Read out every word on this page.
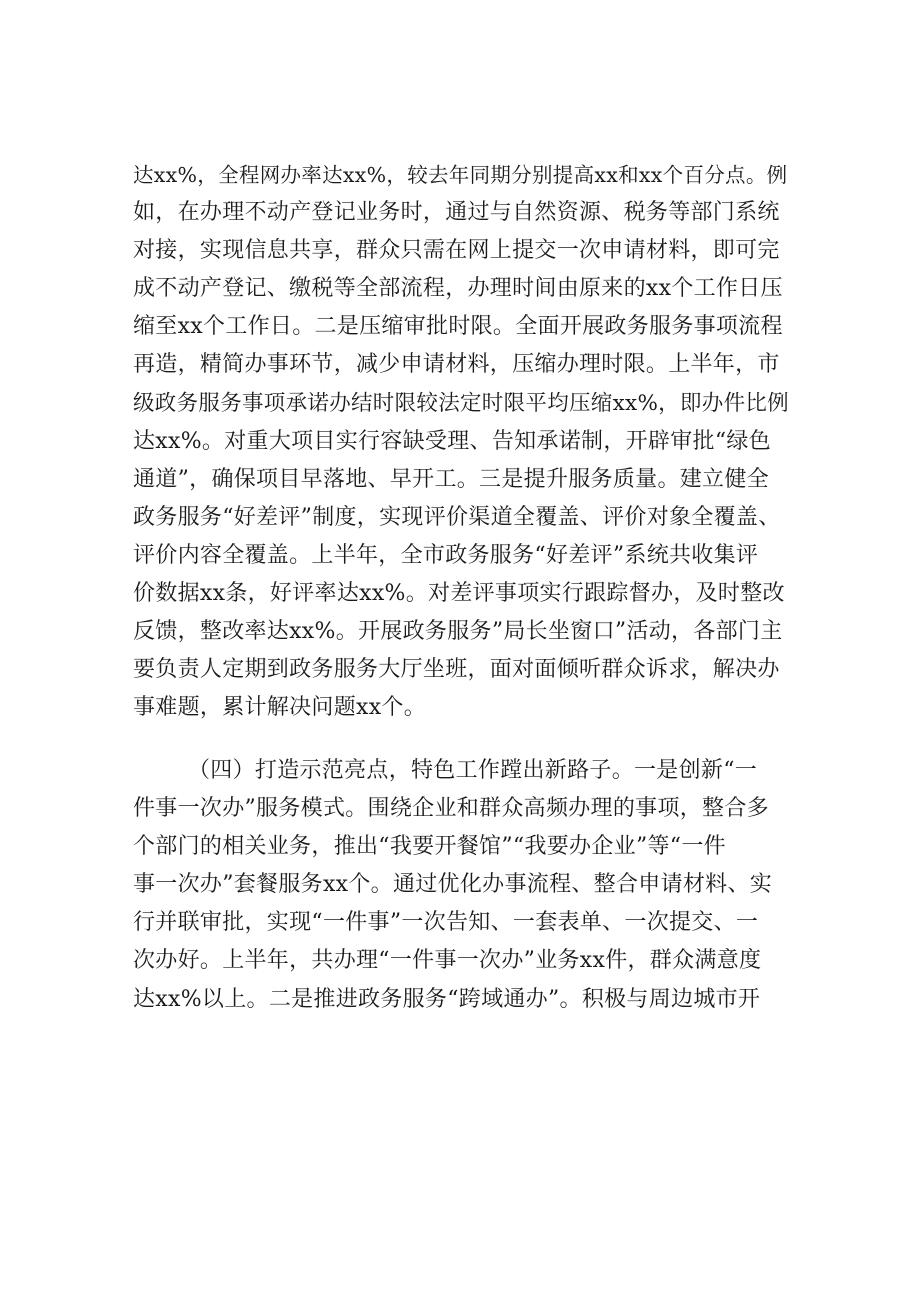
达xx%，全程网办率达xx%，较去年同期分别提高xx和xx个百分点。例
如，在办理不动产登记业务时，通过与自然资源、税务等部门系统
对接，实现信息共享，群众只需在网上提交一次申请材料，即可完
成不动产登记、缴税等全部流程，办理时间由原来的xx个工作日压
缩至xx个工作日。二是压缩审批时限。全面开展政务服务事项流程
再造，精简办事环节，减少申请材料，压缩办理时限。上半年，市
级政务服务事项承诺办结时限较法定时限平均压缩xx%，即办件比例
达xx%。对重大项目实行容缺受理、告知承诺制，开辟审批“绿色
通道”，确保项目早落地、早开工。三是提升服务质量。建立健全
政务服务“好差评”制度，实现评价渠道全覆盖、评价对象全覆盖、
评价内容全覆盖。上半年，全市政务服务“好差评”系统共收集评
价数据xx条，好评率达xx%。对差评事项实行跟踪督办，及时整改
反馈，整改率达xx%。开展政务服务”局长坐窗口”活动，各部门主
要负责人定期到政务服务大厅坐班，面对面倾听群众诉求，解决办
事难题，累计解决问题xx个。
（四）打造示范亮点，特色工作蹚出新路子。一是创新“一
件事一次办”服务模式。围绕企业和群众高频办理的事项，整合多
个部门的相关业务，推出“我要开餐馆”“我要办企业”等“一件
事一次办”套餐服务xx个。通过优化办事流程、整合申请材料、实
行并联审批，实现“一件事”一次告知、一套表单、一次提交、一
次办好。上半年，共办理“一件事一次办”业务xx件，群众满意度
达xx%以上。二是推进政务服务“跨域通办”。积极与周边城市开
